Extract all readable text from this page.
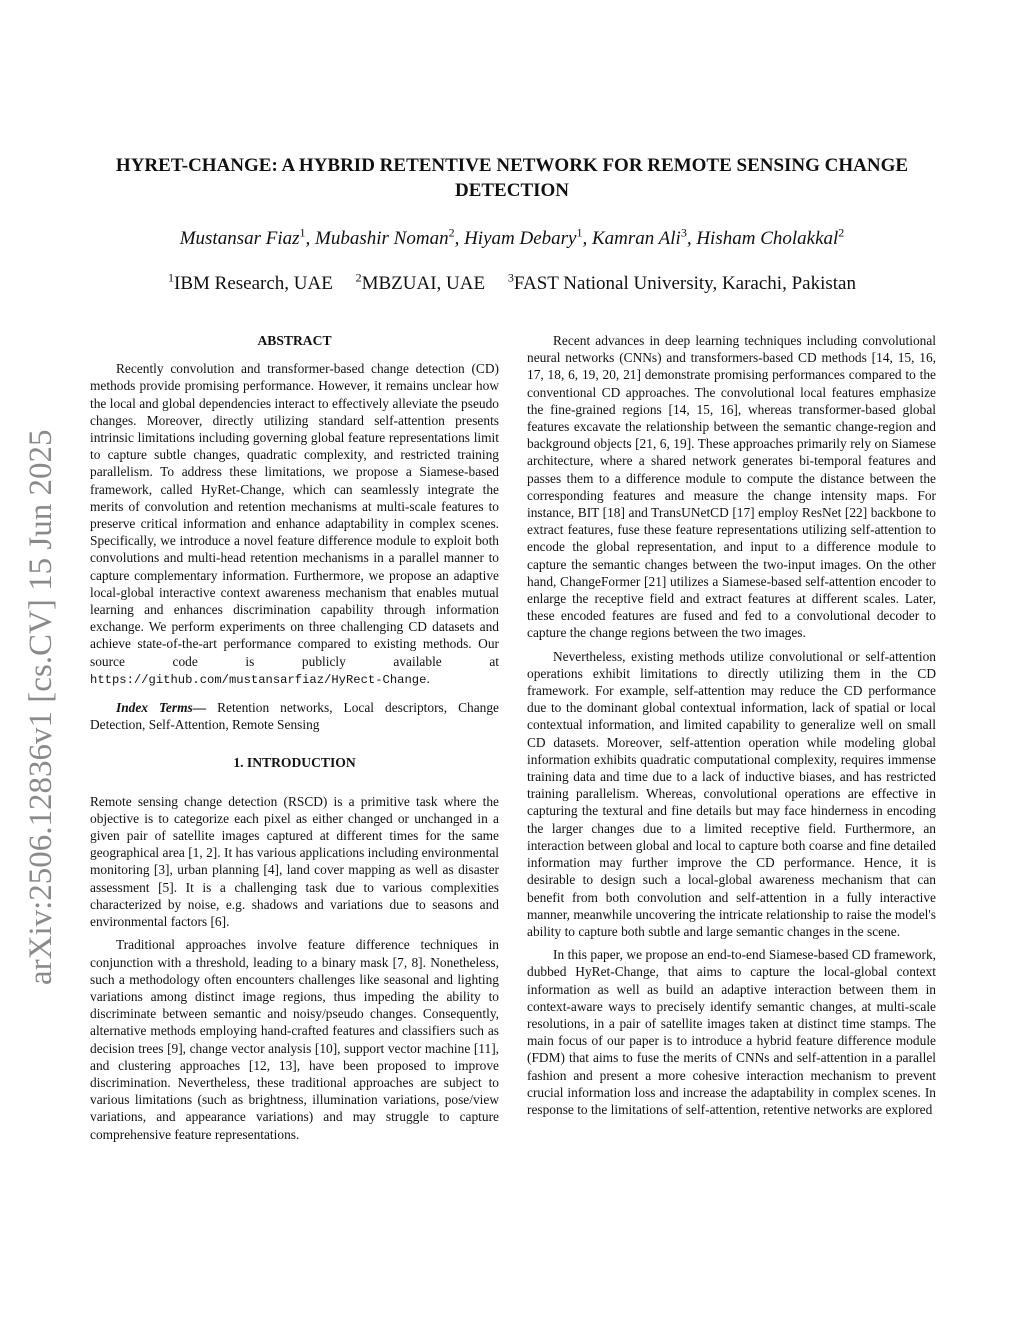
arXiv:2506.12836v1 [cs.CV] 15 Jun 2025
HYRET-CHANGE: A HYBRID RETENTIVE NETWORK FOR REMOTE SENSING CHANGE DETECTION
Mustansar Fiaz$^1$, Mubashir Noman$^2$, Hiyam Debary$^1$, Kamran Ali$^3$, Hisham Cholakkal$^2$
$^1$IBM Research, UAE $^2$MBZUAI, UAE $^3$FAST National University, Karachi, Pakistan
ABSTRACT

Recently convolution and transformer-based change detection (CD) methods provide promising performance. However, it remains unclear how the local and global dependencies interact to effectively alleviate the pseudo changes. Moreover, directly utilizing standard self-attention presents intrinsic limitations including governing global feature representations limit to capture subtle changes, quadratic complexity, and restricted training parallelism. To address these limitations, we propose a Siamese-based framework, called HyRet-Change, which can seamlessly integrate the merits of convolution and retention mechanisms at multi-scale features to preserve critical information and enhance adaptability in complex scenes. Specifically, we introduce a novel feature difference module to exploit both convolutions and multi-head retention mechanisms in a parallel manner to capture complementary information. Furthermore, we propose an adaptive local-global interactive context awareness mechanism that enables mutual learning and enhances discrimination capability through information exchange. We perform experiments on three challenging CD datasets and achieve state-of-the-art performance compared to existing methods. Our source code is publicly available at https://github.com/mustansarfiaz/HyRect-Change.

Index Terms— Retention networks, Local descriptors, Change Detection, Self-Attention, Remote Sensing

1. INTRODUCTION

Remote sensing change detection (RSCD) is a primitive task where the objective is to categorize each pixel as either changed or unchanged in a given pair of satellite images captured at different times for the same geographical area [1, 2]. It has various applications including environmental monitoring [3], urban planning [4], land cover mapping as well as disaster assessment [5]. It is a challenging task due to various complexities characterized by noise, e.g. shadows and variations due to seasons and environmental factors [6].

Traditional approaches involve feature difference techniques in conjunction with a threshold, leading to a binary mask [7, 8]. Nonetheless, such a methodology often encounters challenges like seasonal and lighting variations among distinct image regions, thus impeding the ability to discriminate between semantic and noisy/pseudo changes. Consequently, alternative methods employing hand-crafted features and classifiers such as decision trees [9], change vector analysis [10], support vector machine [11], and clustering approaches [12, 13], have been proposed to improve discrimination. Nevertheless, these traditional approaches are subject to various limitations (such as brightness, illumination variations, pose/view variations, and appearance variations) and may struggle to capture comprehensive feature representations.

Recent advances in deep learning techniques including convolutional neural networks (CNNs) and transformers-based CD methods [14, 15, 16, 17, 18, 6, 19, 20, 21] demonstrate promising performances compared to the conventional CD approaches. The convolutional local features emphasize the fine-grained regions [14, 15, 16], whereas transformer-based global features excavate the relationship between the semantic change-region and background objects [21, 6, 19]. These approaches primarily rely on Siamese architecture, where a shared network generates bi-temporal features and passes them to a difference module to compute the distance between the corresponding features and measure the change intensity maps. For instance, BIT [18] and TransUNetCD [17] employ ResNet [22] backbone to extract features, fuse these feature representations utilizing self-attention to encode the global representation, and input to a difference module to capture the semantic changes between the two-input images. On the other hand, ChangeFormer [21] utilizes a Siamese-based self-attention encoder to enlarge the receptive field and extract features at different scales. Later, these encoded features are fused and fed to a convolutional decoder to capture the change regions between the two images.

Nevertheless, existing methods utilize convolutional or self-attention operations exhibit limitations to directly utilizing them in the CD framework. For example, self-attention may reduce the CD performance due to the dominant global contextual information, lack of spatial or local contextual information, and limited capability to generalize well on small CD datasets. Moreover, self-attention operation while modeling global information exhibits quadratic computational complexity, requires immense training data and time due to a lack of inductive biases, and has restricted training parallelism. Whereas, convolutional operations are effective in capturing the textural and fine details but may face hinderness in encoding the larger changes due to a limited receptive field. Furthermore, an interaction between global and local to capture both coarse and fine detailed information may further improve the CD performance. Hence, it is desirable to design such a local-global awareness mechanism that can benefit from both convolution and self-attention in a fully interactive manner, meanwhile uncovering the intricate relationship to raise the model's ability to capture both subtle and large semantic changes in the scene.

In this paper, we propose an end-to-end Siamese-based CD framework, dubbed HyRet-Change, that aims to capture the local-global context information as well as build an adaptive interaction between them in context-aware ways to precisely identify semantic changes, at multi-scale resolutions, in a pair of satellite images taken at distinct time stamps. The main focus of our paper is to introduce a hybrid feature difference module (FDM) that aims to fuse the merits of CNNs and self-attention in a parallel fashion and present a more cohesive interaction mechanism to prevent crucial information loss and increase the adaptability in complex scenes. In response to the limitations of self-attention, retentive networks are explored
